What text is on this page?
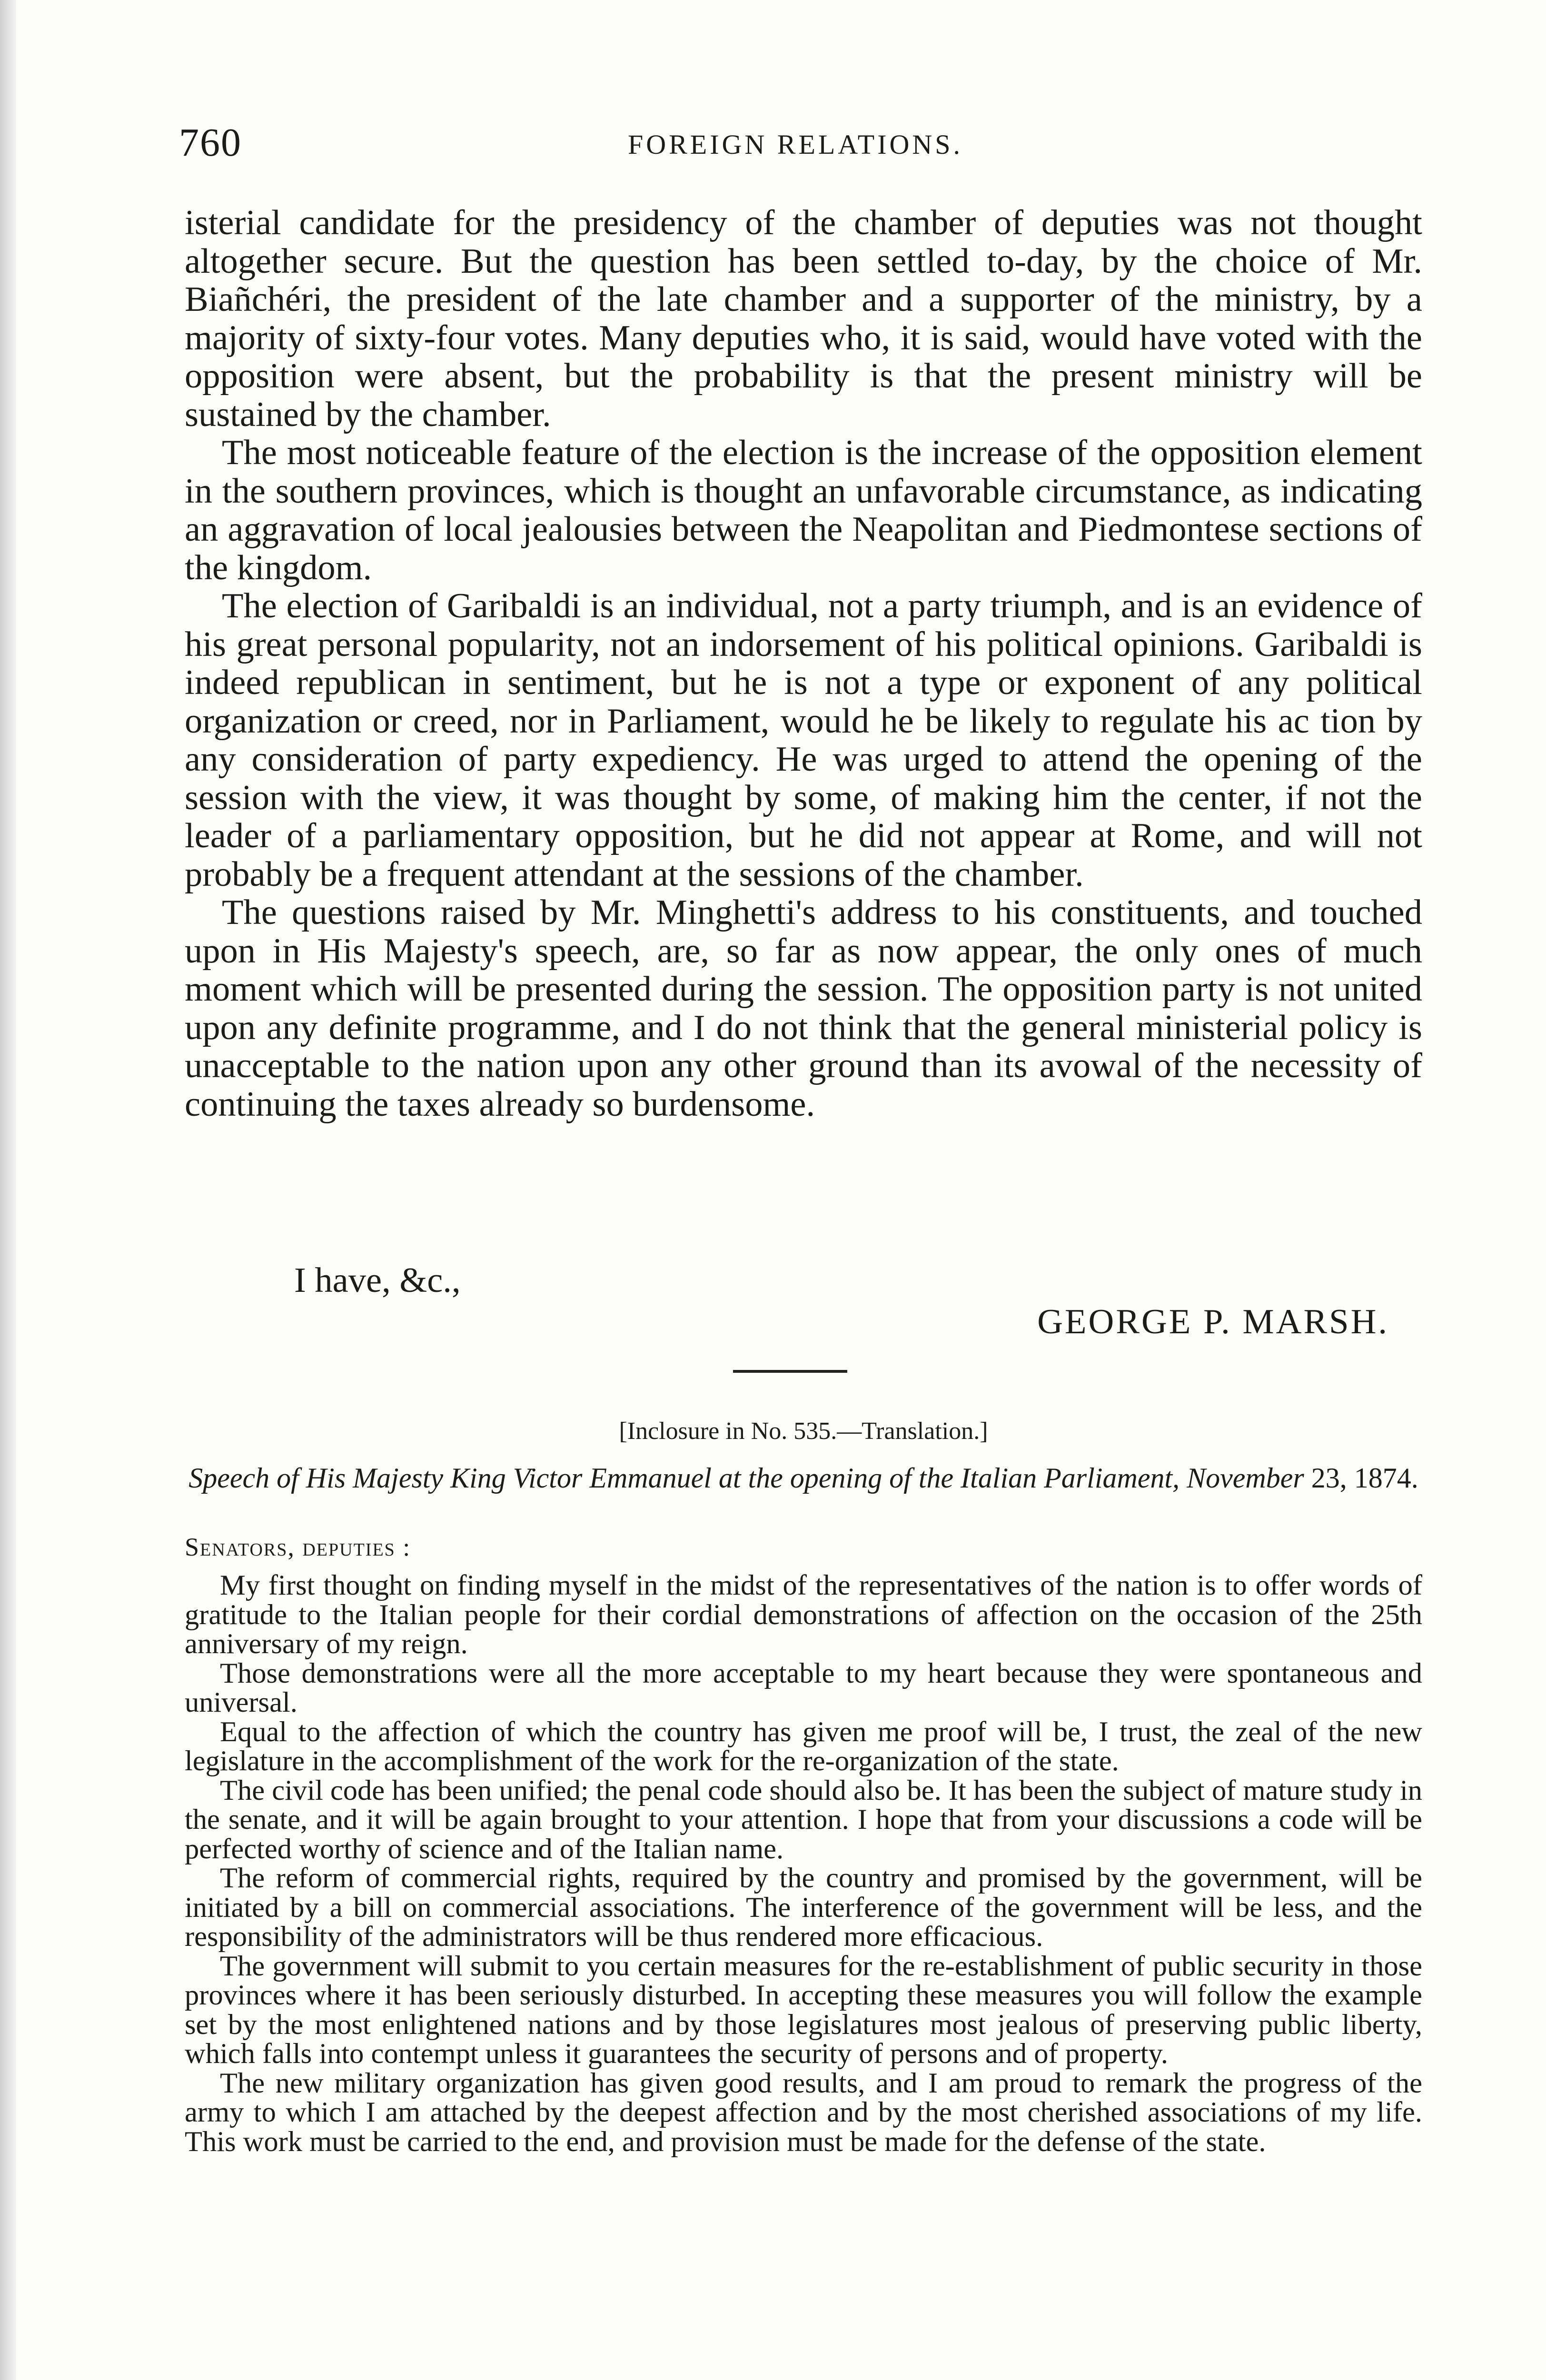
760	FOREIGN RELATIONS.

isterial candidate for the presidency of the chamber of deputies was not thought altogether secure. But the question has been settled to-day, by the choice of Mr. Biañchéri, the president of the late chamber and a supporter of the ministry, by a majority of sixty-four votes. Many deputies who, it is said, would have voted with the opposition were absent, but the probability is that the present ministry will be sustained by the chamber.

The most noticeable feature of the election is the increase of the opposition element in the southern provinces, which is thought an unfavorable circumstance, as indicating an aggravation of local jealousies between the Neapolitan and Piedmontese sections of the kingdom.

The election of Garibaldi is an individual, not a party triumph, and is an evidence of his great personal popularity, not an indorsement of his political opinions. Garibaldi is indeed republican in sentiment, but he is not a type or exponent of any political organization or creed, nor in Parliament, would he be likely to regulate his ac tion by any consideration of party expediency. He was urged to attend the opening of the session with the view, it was thought by some, of making him the center, if not the leader of a parliamentary opposition, but he did not appear at Rome, and will not probably be a frequent attendant at the sessions of the chamber.

The questions raised by Mr. Minghetti's address to his constituents, and touched upon in His Majesty's speech, are, so far as now appear, the only ones of much moment which will be presented during the session. The opposition party is not united upon any definite programme, and I do not think that the general ministerial policy is unacceptable to the nation upon any other ground than its avowal of the necessity of continuing the taxes already so burdensome.

I have, &c.,
GEORGE P. MARSH.
[Inclosure in No. 535.—Translation.]
Speech of His Majesty King Victor Emmanuel at the opening of the Italian Parliament, November 23, 1874.
Senators, deputies :

My first thought on finding myself in the midst of the representatives of the nation is to offer words of gratitude to the Italian people for their cordial demonstrations of affection on the occasion of the 25th anniversary of my reign.

Those demonstrations were all the more acceptable to my heart because they were spontaneous and universal.

Equal to the affection of which the country has given me proof will be, I trust, the zeal of the new legislature in the accomplishment of the work for the re-organization of the state.

The civil code has been unified; the penal code should also be. It has been the subject of mature study in the senate, and it will be again brought to your attention. I hope that from your discussions a code will be perfected worthy of science and of the Italian name.

The reform of commercial rights, required by the country and promised by the government, will be initiated by a bill on commercial associations. The interference of the government will be less, and the responsibility of the administrators will be thus rendered more efficacious.

The government will submit to you certain measures for the re-establishment of public security in those provinces where it has been seriously disturbed. In accepting these measures you will follow the example set by the most enlightened nations and by those legislatures most jealous of preserving public liberty, which falls into contempt unless it guarantees the security of persons and of property.

The new military organization has given good results, and I am proud to remark the progress of the army to which I am attached by the deepest affection and by the most cherished associations of my life. This work must be carried to the end, and provision must be made for the defense of the state.
